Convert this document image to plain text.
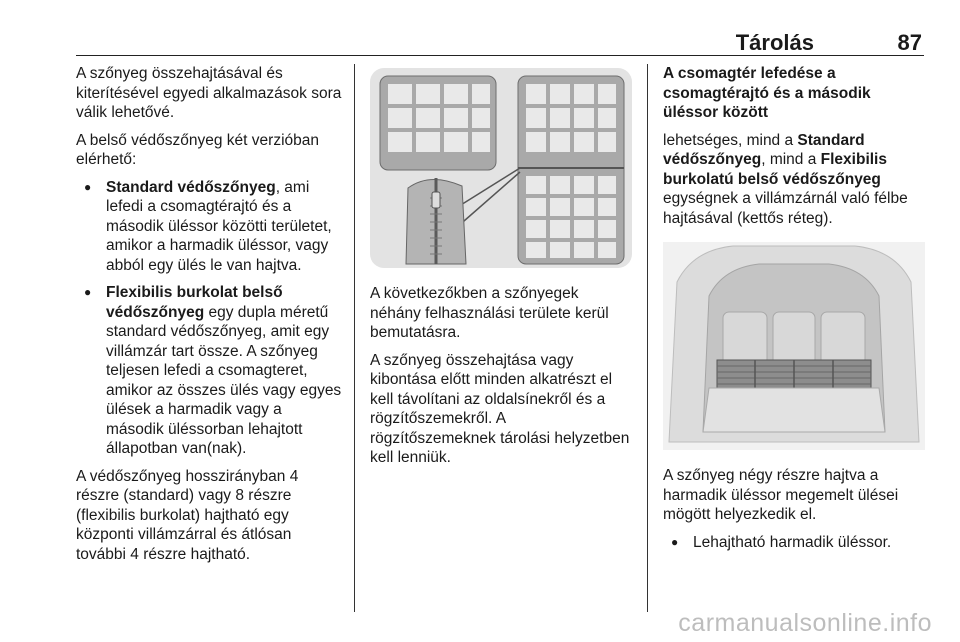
Tárolás	87

A szőnyeg összehajtásával és kiterítésével egyedi alkalmazások sora válik lehetővé.

A belső védőszőnyeg két verzióban elérhető:

● Standard védőszőnyeg, ami lefedi a csomagtérajtó és a második üléssor közötti területet, amikor a harmadik üléssor, vagy abból egy ülés le van hajtva.
● Flexibilis burkolat belső védőszőnyeg egy dupla méretű standard védőszőnyeg, amit egy villámzár tart össze. A szőnyeg teljesen lefedi a csomagteret, amikor az összes ülés vagy egyes ülések a harmadik vagy a második üléssorban lehajtott állapotban van(nak).

A védőszőnyeg hosszirányban 4 részre (standard) vagy 8 részre (flexibilis burkolat) hajtható egy központi villámzárral és átlósan további 4 részre hajtható.

A következőkben a szőnyegek néhány felhasználási területe kerül bemutatásra.

A szőnyeg összehajtása vagy kibontása előtt minden alkatrészt el kell távolítani az oldalsínekről és a rögzítőszemekről. A rögzítőszemeknek tárolási helyzetben kell lenniük.

A csomagtér lefedése a csomagtérajtó és a második üléssor között

lehetséges, mind a Standard védőszőnyeg, mind a Flexibilis burkolatú belső védőszőnyeg egységnek a villámzárnál való félbe hajtásával (kettős réteg).

A szőnyeg négy részre hajtva a harmadik üléssor megemelt ülései mögött helyezkedik el.

● Lehajtható harmadik üléssor.
carmanualsonline.info
